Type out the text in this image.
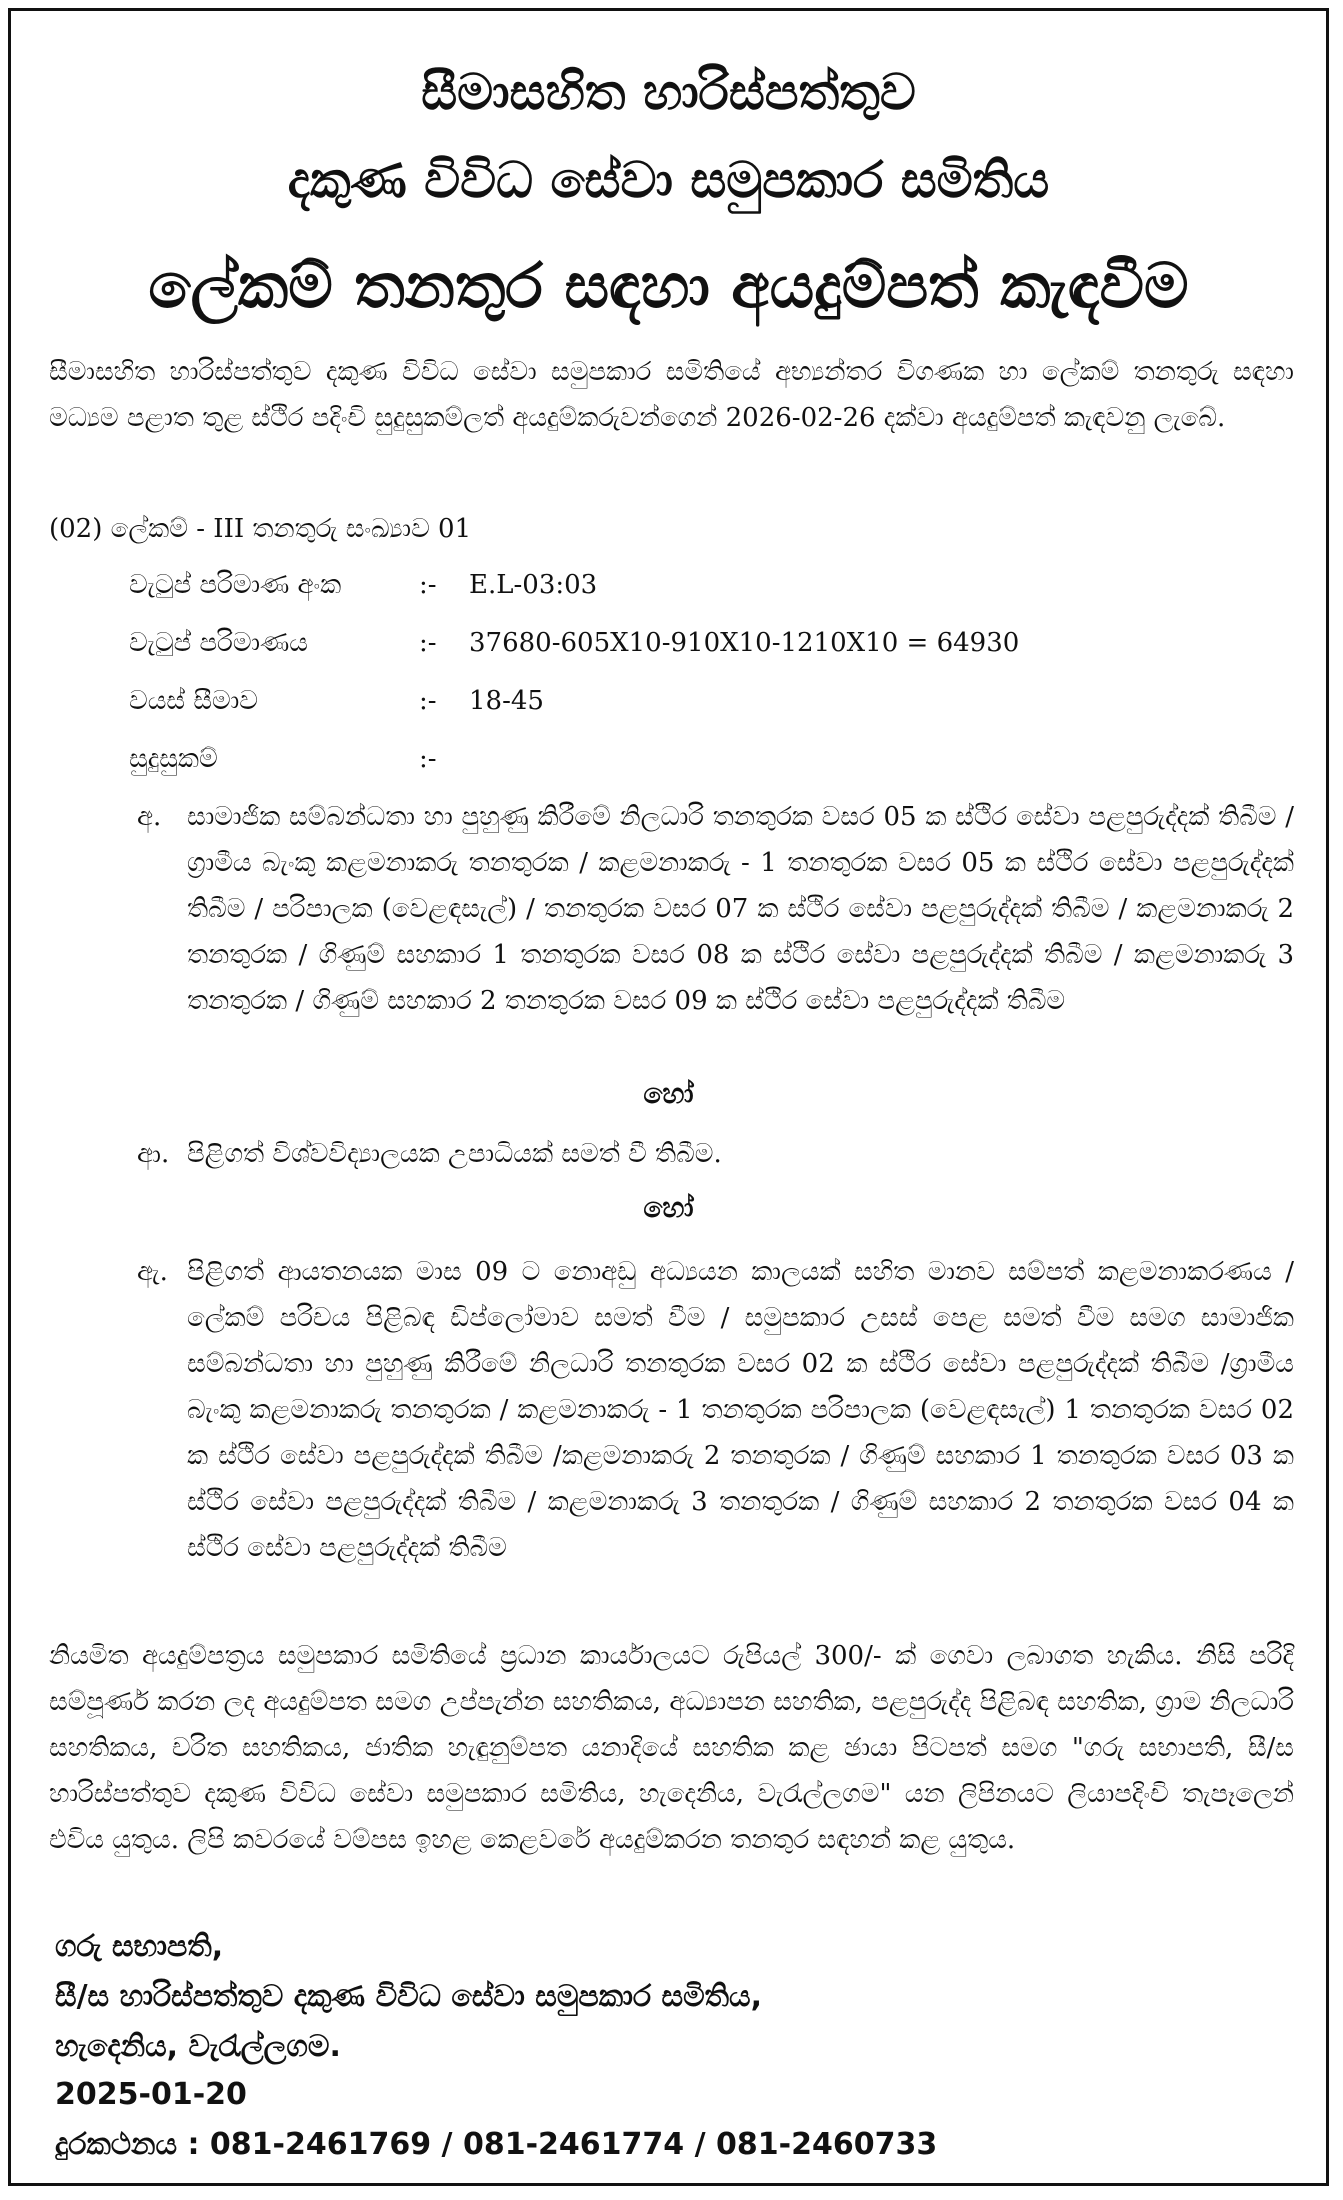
සීමාසහිත හාරිස්පත්තුව
දකුණ විවිධ සේවා සමුපකාර සමිතිය
ලේකම් තනතුර සඳහා අයදුම්පත් කැඳවීම

සීමාසහිත හාරිස්පත්තුව දකුණ විවිධ සේවා සමුපකාර සමිතියේ අභ්‍යන්තර විගණක හා ලේකම් තනතුරු සඳහා මධ්‍යම පළාත තුළ ස්ථිර පදිංචි සුදුසුකම්ලත් අයදුම්කරුවන්ගෙන් 2026-02-26 දක්වා අයදුම්පත් කැඳවනු ලැබේ.

(02) ලේකම් - III තනතුරු සංඛ්‍යාව 01
වැටුප් පරිමාණ අංක	:- E.L-03:03
වැටුප් පරිමාණය	:- 37680-605X10-910X10-1210X10 = 64930
වයස් සීමාව	:- 18-45
සුදුසුකම්	:-
අ. සාමාජික සම්බන්ධතා හා පුහුණු කිරීමේ නිලධාරි තනතුරක වසර 05 ක ස්ථිර සේවා පළපුරුද්දක් තිබීම / ග්‍රාමීය බැංකු කළමනාකරු තනතුරක / කළමනාකරු - 1 තනතුරක වසර 05 ක ස්ථිර සේවා පළපුරුද්දක් තිබීම / පරිපාලක (වෙළඳසැල්) / තනතුරක වසර 07 ක ස්ථිර සේවා පළපුරුද්දක් තිබීම / කළමනාකරු 2 තනතුරක / ගිණුම් සහකාර 1 තනතුරක වසර 08 ක ස්ථිර සේවා පළපුරුද්දක් තිබීම / කළමනාකරු 3 තනතුරක / ගිණුම් සහකාර 2 තනතුරක වසර 09 ක ස්ථිර සේවා පළපුරුද්දක් තිබීම
හෝ
ආ. පිළිගත් විශ්වවිද්‍යාලයක උපාධියක් සමත් වී තිබීම.
හෝ
ඇ. පිළිගත් ආයතනයක මාස 09 ට නොඅඩු අධ්‍යයන කාලයක් සහිත මානව සම්පත් කළමනාකරණය / ලේකම් පරිචය පිළිබඳ ඩිප්ලෝමාව සමත් වීම / සමුපකාර උසස් පෙළ සමත් වීම සමග සාමාජික සම්බන්ධතා හා පුහුණු කිරීමේ නිලධාරි තනතුරක වසර 02 ක ස්ථිර සේවා පළපුරුද්දක් තිබීම /ග්‍රාමීය බැංකු කළමනාකරු තනතුරක / කළමනාකරු - 1 තනතුරක පරිපාලක (වෙළඳසැල්) 1 තනතුරක වසර 02 ක ස්ථිර සේවා පළපුරුද්දක් තිබීම /කළමනාකරු 2 තනතුරක / ගිණුම් සහකාර 1 තනතුරක වසර 03 ක ස්ථිර සේවා පළපුරුද්දක් තිබීම / කළමනාකරු 3 තනතුරක / ගිණුම් සහකාර 2 තනතුරක වසර 04 ක ස්ථිර සේවා පළපුරුද්දක් තිබීම

නියමිත අයදුම්පත්‍රය සමුපකාර සමිතියේ ප්‍රධාන කාර්යාලයට රුපියල් 300/- ක් ගෙවා ලබාගත හැකිය. නිසි පරිදි සම්පූර්ණ කරන ලද අයදුම්පත සමග උප්පැන්න සහතිකය, අධ්‍යාපන සහතික, පළපුරුද්ද පිළිබඳ සහතික, ග්‍රාම නිලධාරි සහතිකය, චරිත සහතිකය, ජාතික හැඳුනුම්පත යනාදියේ සහතික කළ ඡායා පිටපත් සමග "ගරු සභාපති, සී/ස හාරිස්පත්තුව දකුණ විවිධ සේවා සමුපකාර සමිතිය, හැදෙනිය, වැරැල්ලගම" යන ලිපිනයට ලියාපදිංචි තැපෑලෙන් එවිය යුතුය. ලිපි කවරයේ වම්පස ඉහළ කෙළවරේ අයදුම්කරන තනතුර සඳහන් කළ යුතුය.

ගරු සභාපති,
සී/ස හාරිස්පත්තුව දකුණ විවිධ සේවා සමුපකාර සමිතිය,
හැදෙනිය, වැරැල්ලගම.
2025-01-20
දුරකථනය : 081-2461769 / 081-2461774 / 081-2460733
